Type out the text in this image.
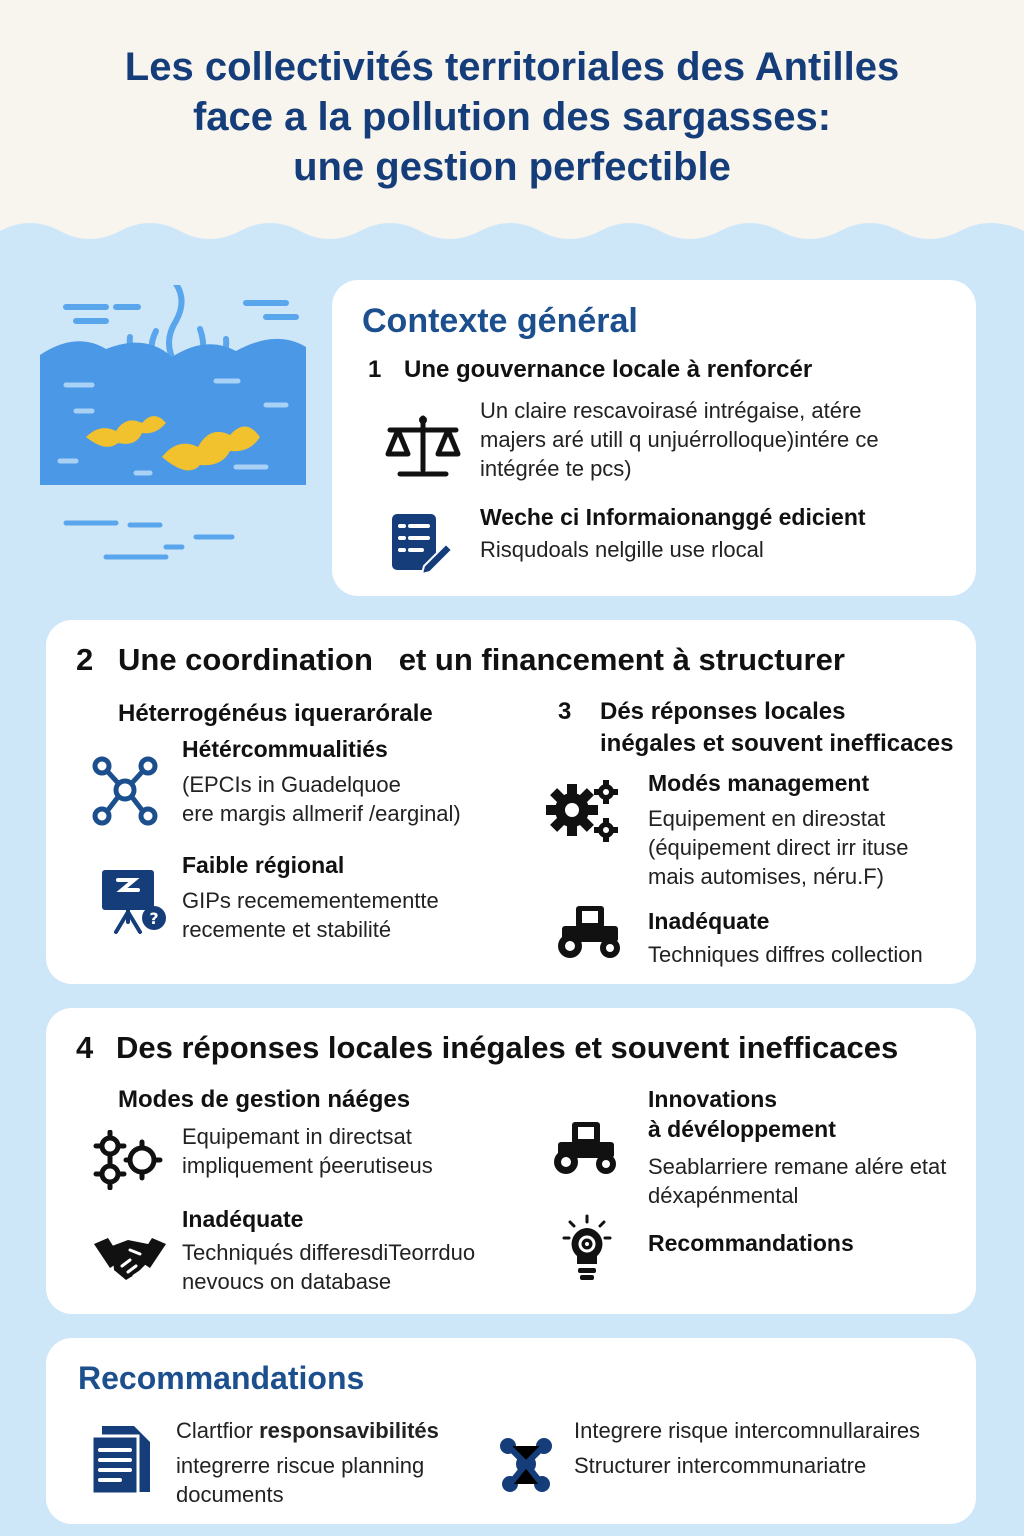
Les collectivités territoriales des Antilles
face a la pollution des sargasses:
une gestion perfectible
Contexte général
1 Une gouvernance locale à renforcér
Un claire rescavoirasé intrégaise, atére
majers aré utill q unjuérrolloque)intére ce
intégrée te pcs)
Weche ci Informaionanggé edicient
Risqudoals nelgille use rlocal
2 Une coordination   et un financement à structurer
Héterrogénéus iquerarórale
Hétércommualitiés
(EPCIs in Guadelquoe
ere margis allmerif /earginal)
?
Faible régional
GIPs recemementementte
recemente et stabilité
3 Dés réponses locales
inégales et souvent inefficaces
Modés management
Equipement en direɔstat
(équipement direct irr ituse
mais automises, néru.F)
Inadéquate
Techniques diffres collection
4 Des réponses locales inégales et souvent inefficaces
Modes de gestion náéges
Equipemant in directsat
impliquement ṕeerutiseus
Inadéquate
Techniqués differesdiTeorrduo
nevoucs on database
Innovations
à dévéloppement
Seablarriere remane alére etat
déxapénmental
Recommandations
Recommandations
Clartfior responsavibilités
integrerre riscue planning
documents
Integrere risque intercomnullaraires
Structurer intercommunariatre
